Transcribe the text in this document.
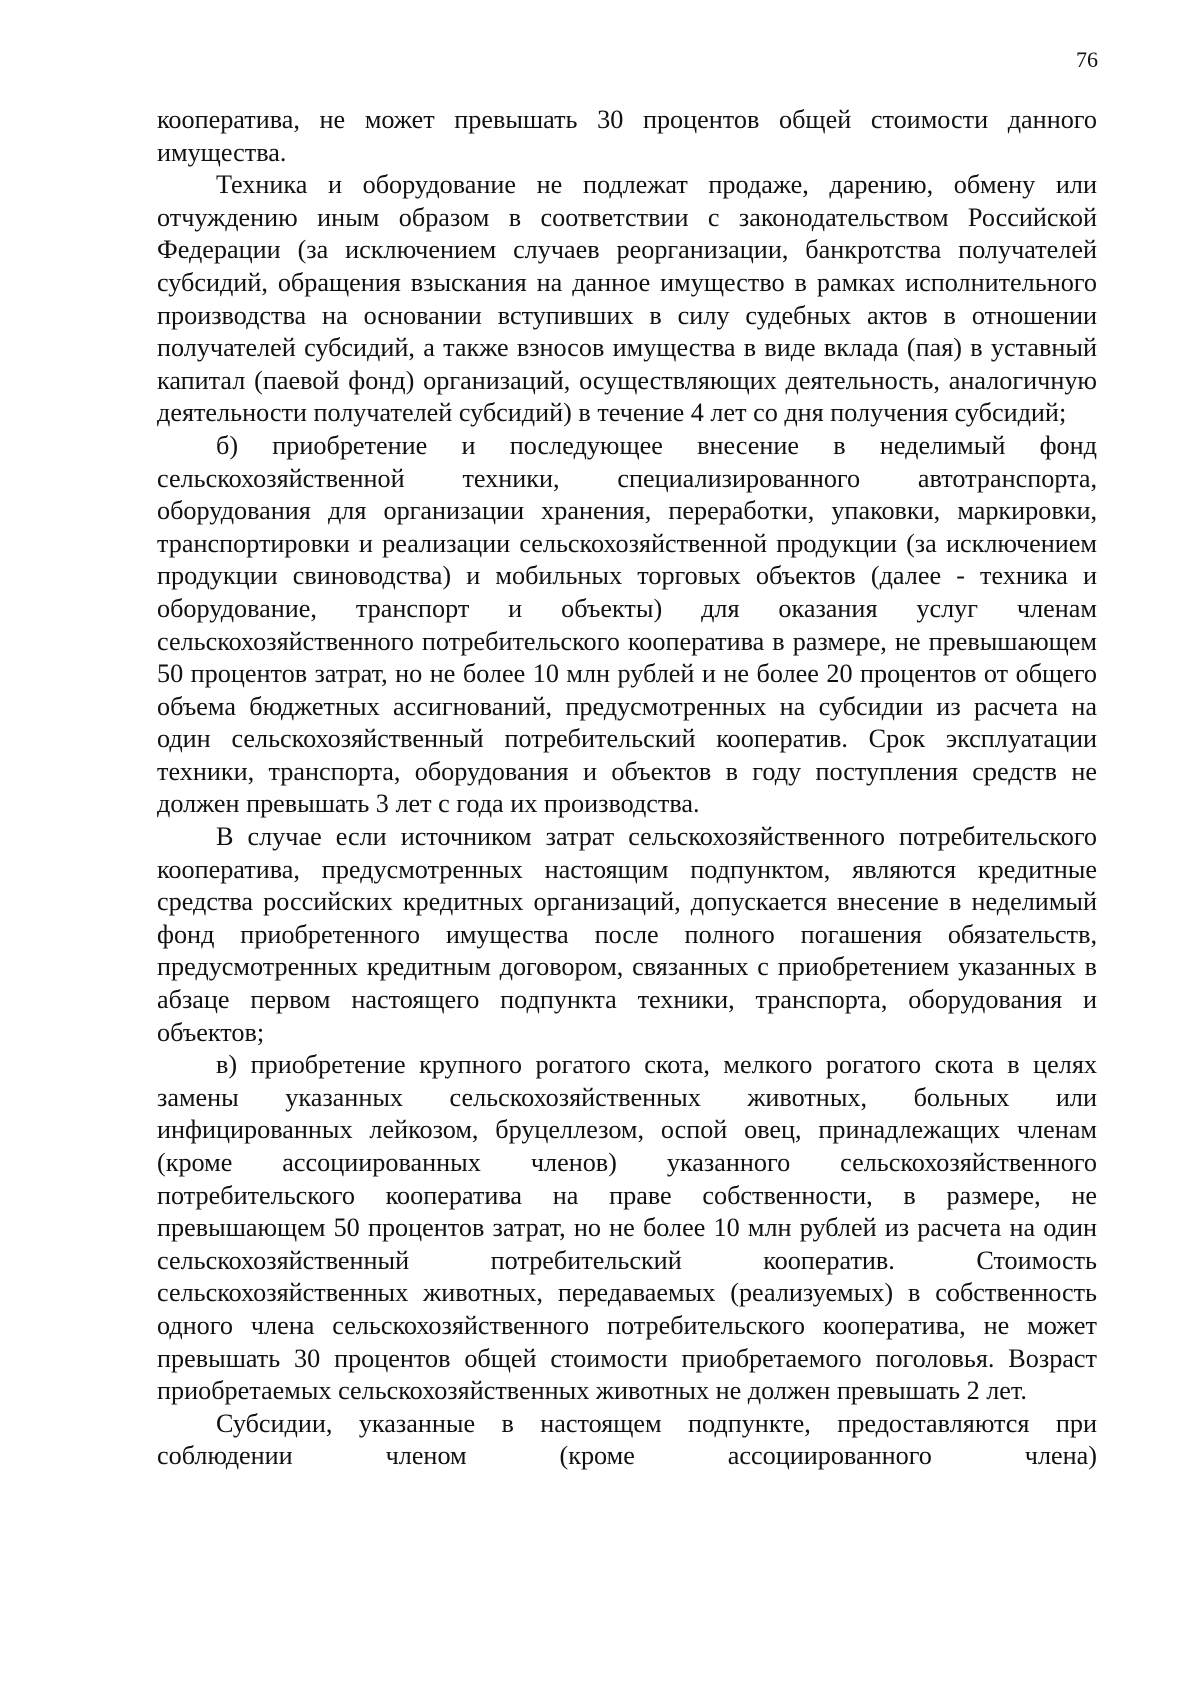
76

кооператива, не может превышать 30 процентов общей стоимости данного имущества.

Техника и оборудование не подлежат продаже, дарению, обмену или отчуждению иным образом в соответствии с законодательством Российской Федерации (за исключением случаев реорганизации, банкротства получателей субсидий, обращения взыскания на данное имущество в рамках исполнительного производства на основании вступивших в силу судебных актов в отношении получателей субсидий, а также взносов имущества в виде вклада (пая) в уставный капитал (паевой фонд) организаций, осуществляющих деятельность, аналогичную деятельности получателей субсидий) в течение 4 лет со дня получения субсидий;

б) приобретение и последующее внесение в неделимый фонд сельскохозяйственной техники, специализированного автотранспорта, оборудования для организации хранения, переработки, упаковки, маркировки, транспортировки и реализации сельскохозяйственной продукции (за исключением продукции свиноводства) и мобильных торговых объектов (далее - техника и оборудование, транспорт и объекты) для оказания услуг членам сельскохозяйственного потребительского кооператива в размере, не превышающем 50 процентов затрат, но не более 10 млн рублей и не более 20 процентов от общего объема бюджетных ассигнований, предусмотренных на субсидии из расчета на один сельскохозяйственный потребительский кооператив. Срок эксплуатации техники, транспорта, оборудования и объектов в году поступления средств не должен превышать 3 лет с года их производства.

В случае если источником затрат сельскохозяйственного потребительского кооператива, предусмотренных настоящим подпунктом, являются кредитные средства российских кредитных организаций, допускается внесение в неделимый фонд приобретенного имущества после полного погашения обязательств, предусмотренных кредитным договором, связанных с приобретением указанных в абзаце первом настоящего подпункта техники, транспорта, оборудования и объектов;

в) приобретение крупного рогатого скота, мелкого рогатого скота в целях замены указанных сельскохозяйственных животных, больных или инфицированных лейкозом, бруцеллезом, оспой овец, принадлежащих членам (кроме ассоциированных членов) указанного сельскохозяйственного потребительского кооператива на праве собственности, в размере, не превышающем 50 процентов затрат, но не более 10 млн рублей из расчета на один сельскохозяйственный потребительский кооператив. Стоимость сельскохозяйственных животных, передаваемых (реализуемых) в собственность одного члена сельскохозяйственного потребительского кооператива, не может превышать 30 процентов общей стоимости приобретаемого поголовья. Возраст приобретаемых сельскохозяйственных животных не должен превышать 2 лет.

Субсидии, указанные в настоящем подпункте, предоставляются при соблюдении членом (кроме ассоциированного члена)
